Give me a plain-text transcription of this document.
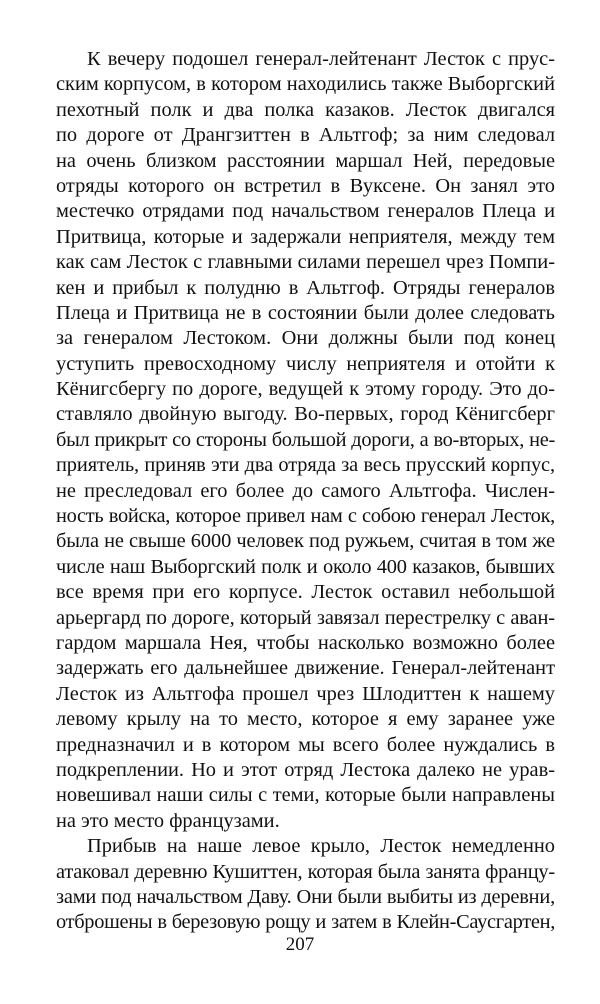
К вечеру подошел генерал-лейтенант Лесток с прус-
ским корпусом, в котором находились также Выборгский
пехотный полк и два полка казаков. Лесток двигался
по дороге от Дрангзиттен в Альтгоф; за ним следовал
на очень близком расстоянии маршал Ней, передовые
отряды которого он встретил в Вуксене. Он занял это
местечко отрядами под начальством генералов Плеца и
Притвица, которые и задержали неприятеля, между тем
как сам Лесток с главными силами перешел чрез Помпи-
кен и прибыл к полудню в Альтгоф. Отряды генералов
Плеца и Притвица не в состоянии были долее следовать
за генералом Лестоком. Они должны были под конец
уступить превосходному числу неприятеля и отойти к
Кёнигсбергу по дороге, ведущей к этому городу. Это до-
ставляло двойную выгоду. Во-первых, город Кёнигсберг
был прикрыт со стороны большой дороги, а во-вторых, не-
приятель, приняв эти два отряда за весь прусский корпус,
не преследовал его более до самого Альтгофа. Числен-
ность войска, которое привел нам с собою генерал Лесток,
была не свыше 6000 человек под ружьем, считая в том же
числе наш Выборгский полк и около 400 казаков, бывших
все время при его корпусе. Лесток оставил небольшой
арьергард по дороге, который завязал перестрелку с аван-
гардом маршала Нея, чтобы насколько возможно более
задержать его дальнейшее движение. Генерал-лейтенант
Лесток из Альтгофа прошел чрез Шлодиттен к нашему
левому крылу на то место, которое я ему заранее уже
предназначил и в котором мы всего более нуждались в
подкреплении. Но и этот отряд Лестока далеко не урав-
новешивал наши силы с теми, которые были направлены
на это место французами.

Прибыв на наше левое крыло, Лесток немедленно
атаковал деревню Кушиттен, которая была занята францу-
зами под начальством Даву. Они были выбиты из деревни,
отброшены в березовую рощу и затем в Клейн-Саусгартен,

207
